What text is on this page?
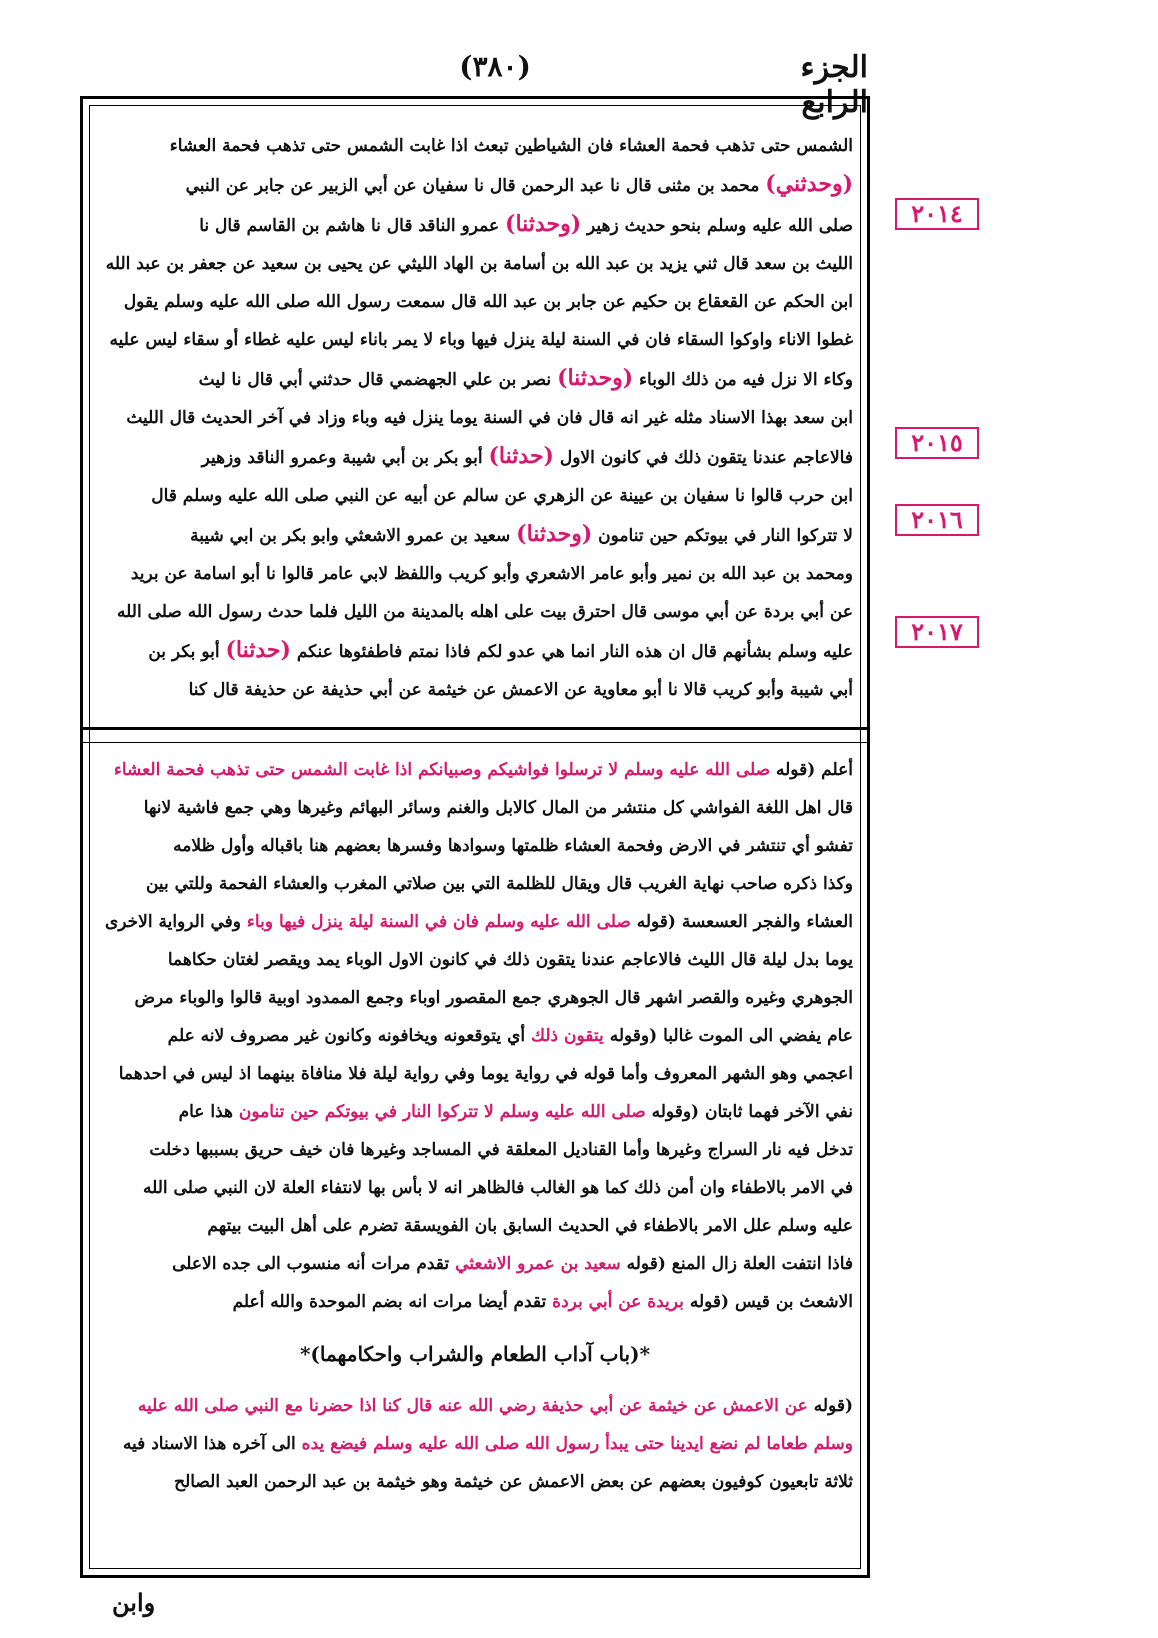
الجزء الرابع
(٣٨٠)
٢٠١٤
٢٠١٥
٢٠١٦
٢٠١٧
الشمس حتى تذهب فحمة العشاء فان الشياطين تبعث اذا غابت الشمس حتى تذهب فحمة العشاء
(وحدثني) محمد بن مثنى قال نا عبد الرحمن قال نا سفيان عن أبي الزبير عن جابر عن النبي
صلى الله عليه وسلم بنحو حديث زهير (وحدثنا) عمرو الناقد قال نا هاشم بن القاسم قال نا
الليث بن سعد قال ثني يزيد بن عبد الله بن أسامة بن الهاد الليثي عن يحيى بن سعيد عن جعفر بن عبد الله
ابن الحكم عن القعقاع بن حكيم عن جابر بن عبد الله قال سمعت رسول الله صلى الله عليه وسلم يقول
غطوا الاناء واوكوا السقاء فان في السنة ليلة ينزل فيها وباء لا يمر باناء ليس عليه غطاء أو سقاء ليس عليه
وكاء الا نزل فيه من ذلك الوباء (وحدثنا) نصر بن علي الجهضمي قال حدثني أبي قال نا ليث
ابن سعد بهذا الاسناد مثله غير انه قال فان في السنة يوما ينزل فيه وباء وزاد في آخر الحديث قال الليث
فالاعاجم عندنا يتقون ذلك في كانون الاول (حدثنا) أبو بكر بن أبي شيبة وعمرو الناقد وزهير
ابن حرب قالوا نا سفيان بن عيينة عن الزهري عن سالم عن أبيه عن النبي صلى الله عليه وسلم قال
لا تتركوا النار في بيوتكم حين تنامون (وحدثنا) سعيد بن عمرو الاشعثي وابو بكر بن ابي شيبة
ومحمد بن عبد الله بن نمير وأبو عامر الاشعري وأبو كريب واللفظ لابي عامر قالوا نا أبو اسامة عن بريد
عن أبي بردة عن أبي موسى قال احترق بيت على اهله بالمدينة من الليل فلما حدث رسول الله صلى الله
عليه وسلم بشأنهم قال ان هذه النار انما هي عدو لكم فاذا نمتم فاطفئوها عنكم (حدثنا) أبو بكر بن
أبي شيبة وأبو كريب قالا نا أبو معاوية عن الاعمش عن خيثمة عن أبي حذيفة عن حذيفة قال كنا
أعلم (قوله صلى الله عليه وسلم لا ترسلوا فواشيكم وصبيانكم اذا غابت الشمس حتى تذهب فحمة العشاء
قال اهل اللغة الفواشي كل منتشر من المال كالابل والغنم وسائر البهائم وغيرها وهي جمع فاشية لانها
تفشو أي تنتشر في الارض وفحمة العشاء ظلمتها وسوادها وفسرها بعضهم هنا باقباله وأول ظلامه
وكذا ذكره صاحب نهاية الغريب قال ويقال للظلمة التي بين صلاتي المغرب والعشاء الفحمة وللتي بين
العشاء والفجر العسعسة (قوله صلى الله عليه وسلم فان في السنة ليلة ينزل فيها وباء وفي الرواية الاخرى
يوما بدل ليلة قال الليث فالاعاجم عندنا يتقون ذلك في كانون الاول الوباء يمد ويقصر لغتان حكاهما
الجوهري وغيره والقصر اشهر قال الجوهري جمع المقصور اوباء وجمع الممدود اوبية قالوا والوباء مرض
عام يفضي الى الموت غالبا (وقوله يتقون ذلك أي يتوقعونه ويخافونه وكانون غير مصروف لانه علم
اعجمي وهو الشهر المعروف وأما قوله في رواية يوما وفي رواية ليلة فلا منافاة بينهما اذ ليس في احدهما
نفي الآخر فهما ثابتان (وقوله صلى الله عليه وسلم لا تتركوا النار في بيوتكم حين تنامون هذا عام
تدخل فيه نار السراج وغيرها وأما القناديل المعلقة في المساجد وغيرها فان خيف حريق بسببها دخلت
في الامر بالاطفاء وان أمن ذلك كما هو الغالب فالظاهر انه لا بأس بها لانتفاء العلة لان النبي صلى الله
عليه وسلم علل الامر بالاطفاء في الحديث السابق بان الفويسقة تضرم على أهل البيت بيتهم
فاذا انتفت العلة زال المنع (قوله سعيد بن عمرو الاشعثي تقدم مرات أنه منسوب الى جده الاعلى
الاشعث بن قيس (قوله بريدة عن أبي بردة تقدم أيضا مرات انه بضم الموحدة والله أعلم
*(باب آداب الطعام والشراب واحكامهما)*
(قوله عن الاعمش عن خيثمة عن أبي حذيفة رضي الله عنه قال كنا اذا حضرنا مع النبي صلى الله عليه
وسلم طعاما لم نضع ايدينا حتى يبدأ رسول الله صلى الله عليه وسلم فيضع يده الى آخره هذا الاسناد فيه
ثلاثة تابعيون كوفيون بعضهم عن بعض الاعمش عن خيثمة وهو خيثمة بن عبد الرحمن العبد الصالح
وابن
